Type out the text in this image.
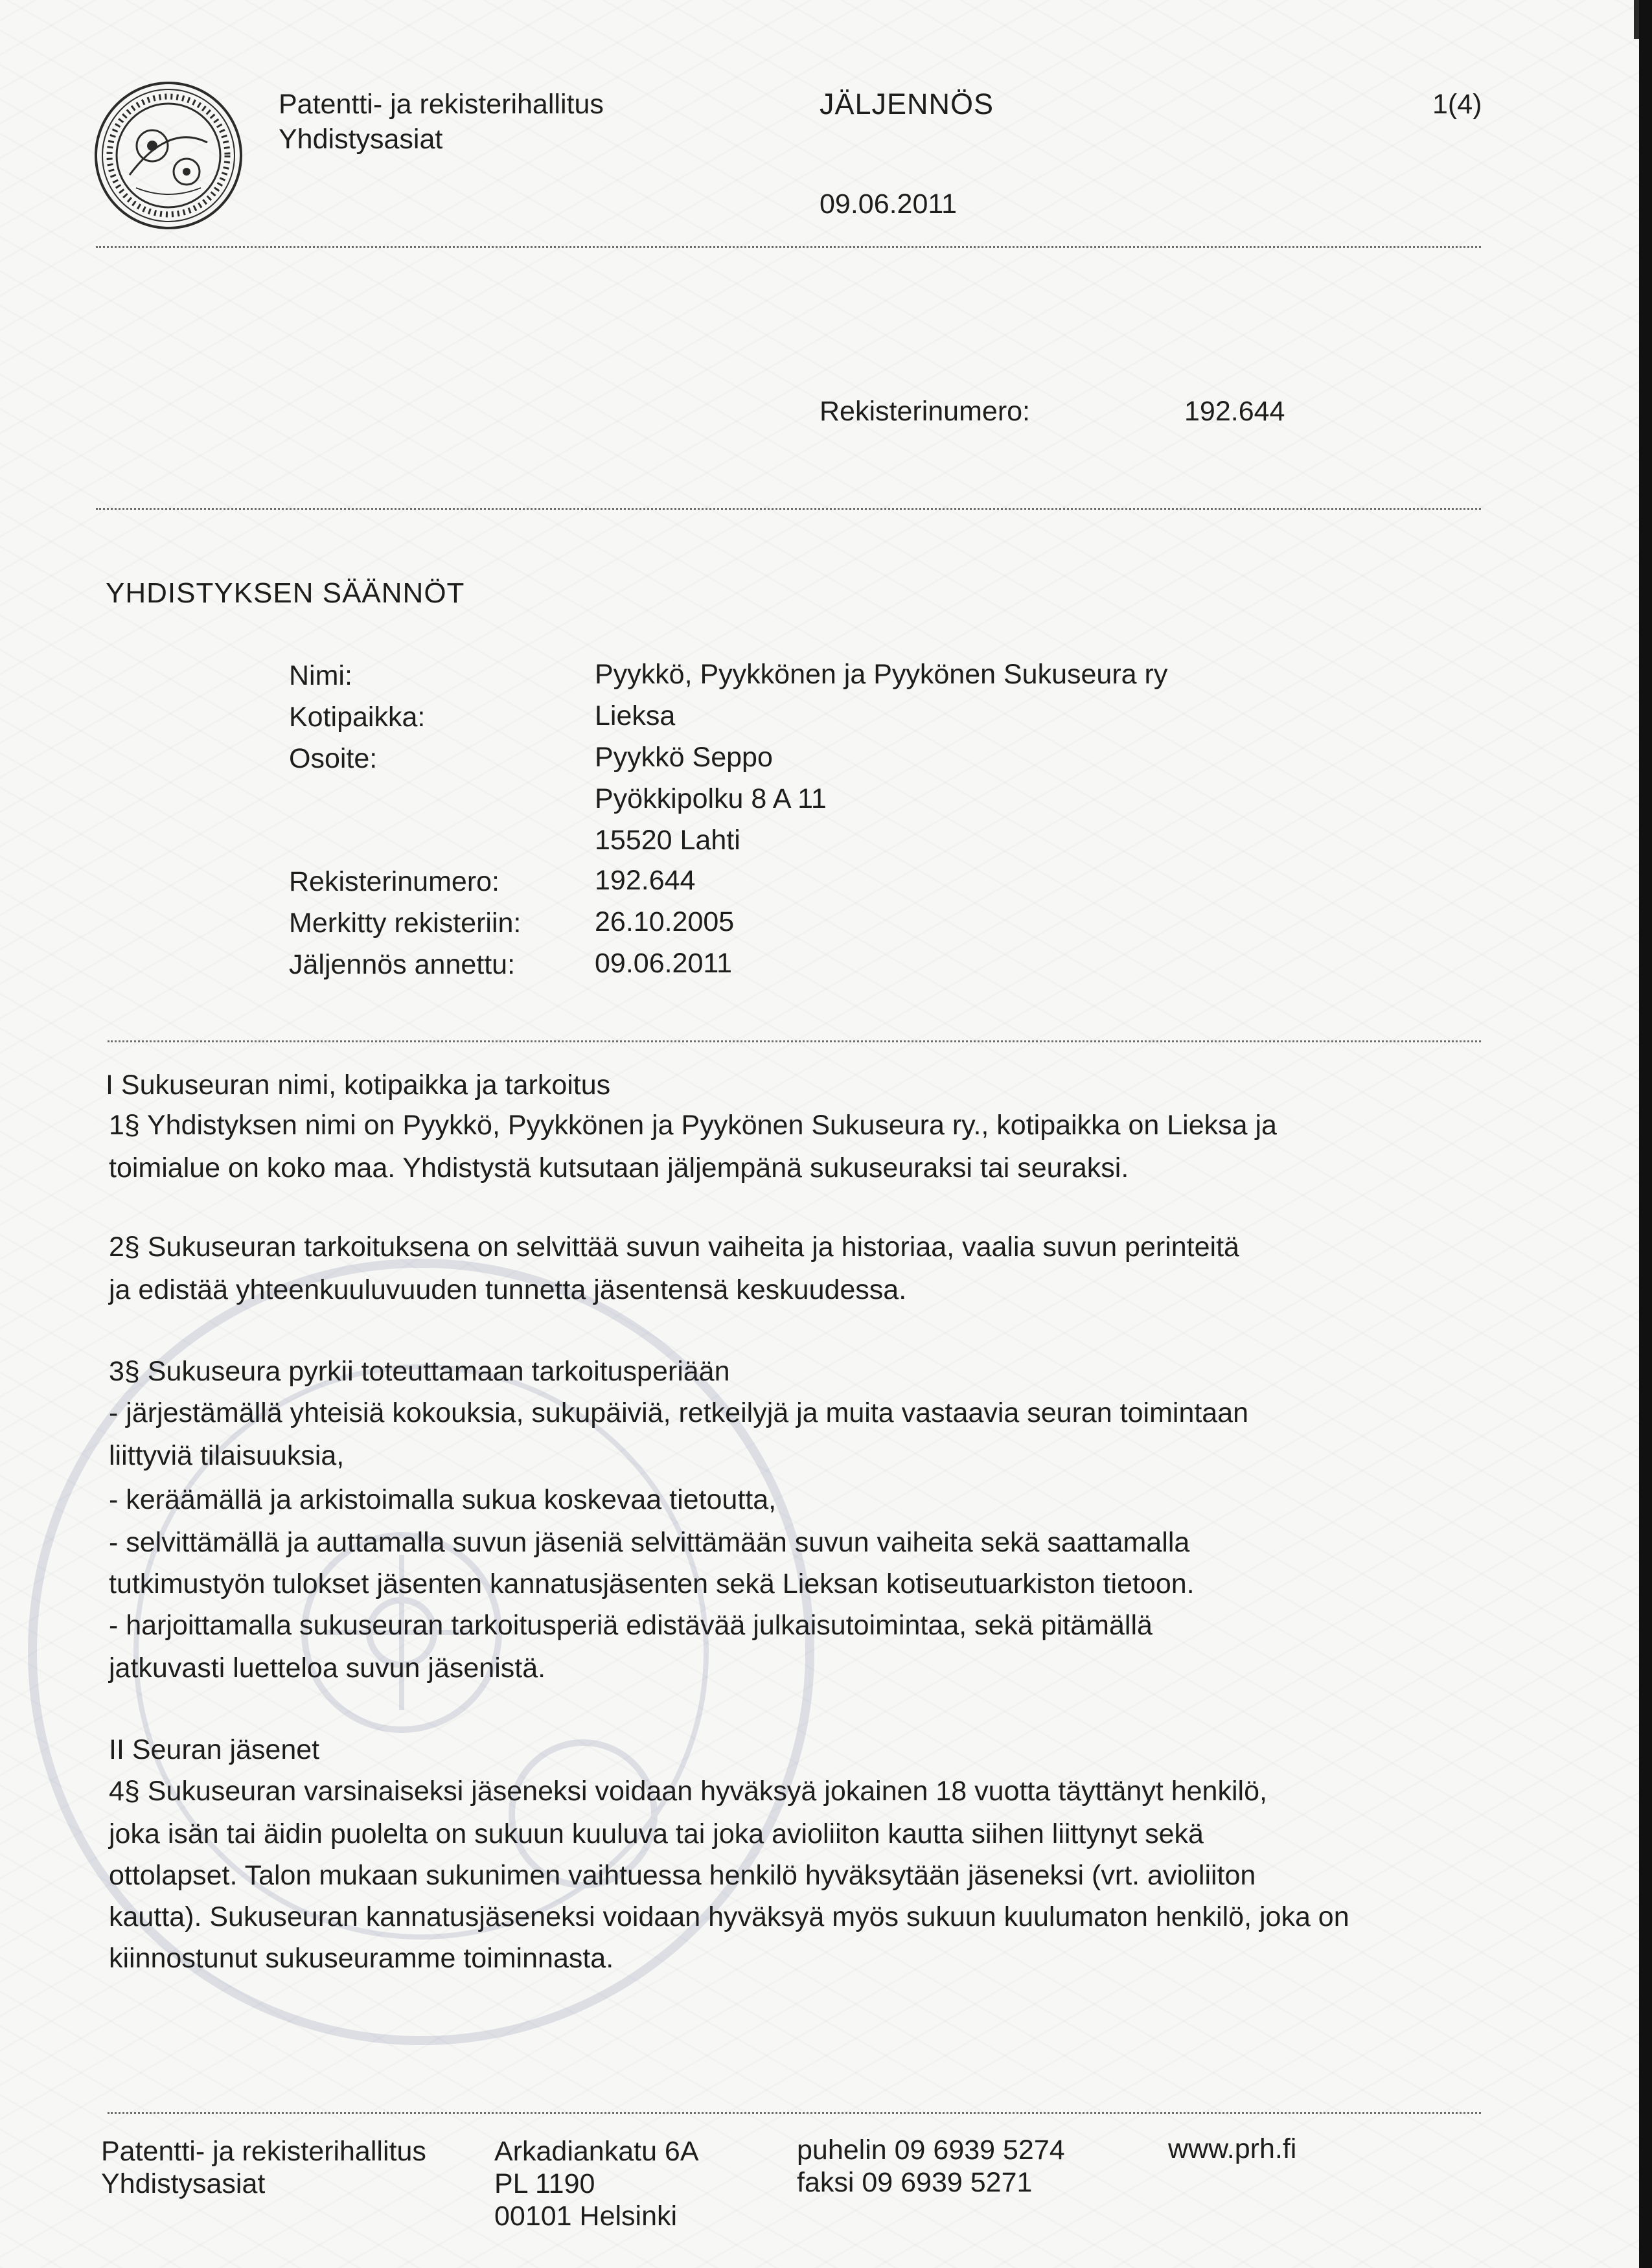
Patentti- ja rekisterihallitus
Yhdistysasiat
JÄLJENNÖS	1(4)
09.06.2011
Rekisterinumero:	192.644
YHDISTYKSEN SÄÄNNÖT
Nimi:	Pyykkö, Pyykkönen ja Pyykönen Sukuseura ry
Kotipaikka:	Lieksa
Osoite:	Pyykkö Seppo
Pyökkipolku 8 A 11
15520 Lahti
Rekisterinumero:	192.644
Merkitty rekisteriin:	26.10.2005
Jäljennös annettu:	09.06.2011
I Sukuseuran nimi, kotipaikka ja tarkoitus
1§ Yhdistyksen nimi on Pyykkö, Pyykkönen ja Pyykönen Sukuseura ry., kotipaikka on Lieksa ja
toimialue on koko maa. Yhdistystä kutsutaan jäljempänä sukuseuraksi tai seuraksi.
2§ Sukuseuran tarkoituksena on selvittää suvun vaiheita ja historiaa, vaalia suvun perinteitä
ja edistää yhteenkuuluvuuden tunnetta jäsentensä keskuudessa.
3§ Sukuseura pyrkii toteuttamaan tarkoitusperiään
- järjestämällä yhteisiä kokouksia, sukupäiviä, retkeilyjä ja muita vastaavia seuran toimintaan
liittyviä tilaisuuksia,
- keräämällä ja arkistoimalla sukua koskevaa tietoutta,
- selvittämällä ja auttamalla suvun jäseniä selvittämään suvun vaiheita sekä saattamalla
tutkimustyön tulokset jäsenten kannatusjäsenten sekä Lieksan kotiseutuarkiston tietoon.
- harjoittamalla sukuseuran tarkoitusperiä edistävää julkaisutoimintaa, sekä pitämällä
jatkuvasti luetteloa suvun jäsenistä.
II Seuran jäsenet
4§ Sukuseuran varsinaiseksi jäseneksi voidaan hyväksyä jokainen 18 vuotta täyttänyt henkilö,
joka isän tai äidin puolelta on sukuun kuuluva tai joka avioliiton kautta siihen liittynyt sekä
ottolapset. Talon mukaan sukunimen vaihtuessa henkilö hyväksytään jäseneksi (vrt. avioliiton
kautta). Sukuseuran kannatusjäseneksi voidaan hyväksyä myös sukuun kuulumaton henkilö, joka on
kiinnostunut sukuseuramme toiminnasta.
Patentti- ja rekisterihallitus
Yhdistysasiat
Arkadiankatu 6A
PL 1190
00101 Helsinki
puhelin 09 6939 5274
faksi 09 6939 5271
www.prh.fi
